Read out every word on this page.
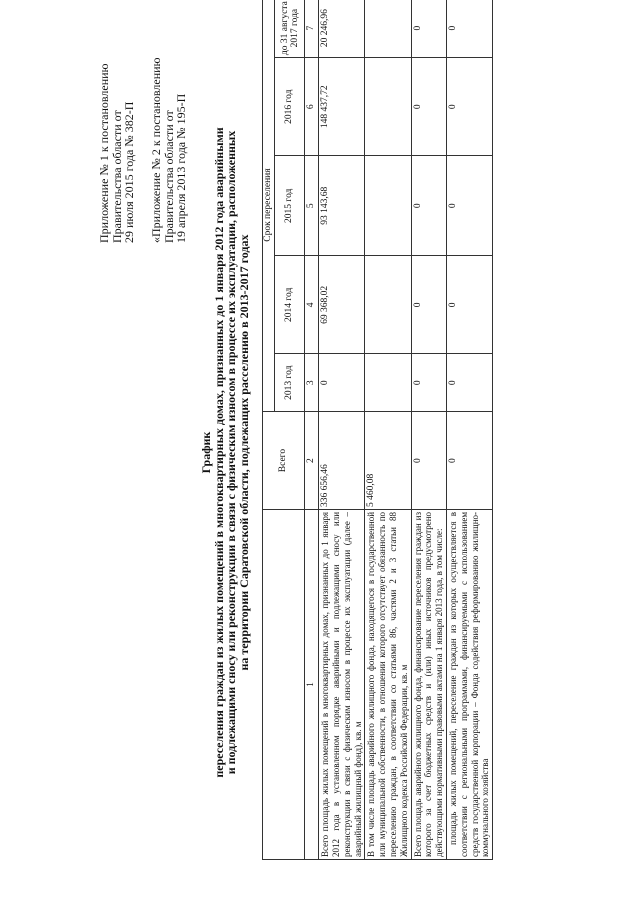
Приложение № 1 к постановлению
Правительства области от
29 июля 2015 года № 382-П «Приложение № 2 к постановлению
Правительства области от
19 апреля 2013 года № 195-П
График
переселения граждан из жилых помещений в многоквартирных домах, признанных до 1 января 2012 года аварийными
и подлежащими сносу или реконструкции в связи с физическим износом в процессе их эксплуатации, расположенных
на территории Саратовской области, подлежащих расселению в 2013-2017 годах
		Всего	Срок переселения				
		2013 год	2014 год	2015 год	2016 год	до 31 августа 2017 года
1	2	3	4	5	6	7
Всего площадь жилых помещений в многоквартирных домах, признанных до 1 января 2012 года в установленном порядке аварийными и подлежащими сносу или реконструкции в связи с физическим износом в процессе их эксплуатации (далее – аварийный жилищный фонд), кв. м	336 656,46	0	69 368,02	93 143,68	148 437,72	20 246,96
В том числе площадь аварийного жилищного фонда, находящегося в государственной или муниципальной собственности, в отношении которого отсутствует обязанность по переселению граждан, в соответствии со статьями 86, частями 2 и 3 статьи 88 Жилищного кодекса Российской Федерации, кв. м	5 460,08					
Всего площадь аварийного жилищного фонда, финансирование переселения граждан из которого за счет бюджетных средств и (или) иных источников предусмотрено действующими нормативными правовыми актами на 1 января 2013 года, в том числе:	0	0	0	0	0	0
площадь жилых помещений, переселение граждан из которых осуществляется в соответствии с региональными программами, финансируемыми с использованием средств государственной корпорации – Фонда содействия реформированию жилищно-коммунального хозяйства	0	0	0	0	0	0
